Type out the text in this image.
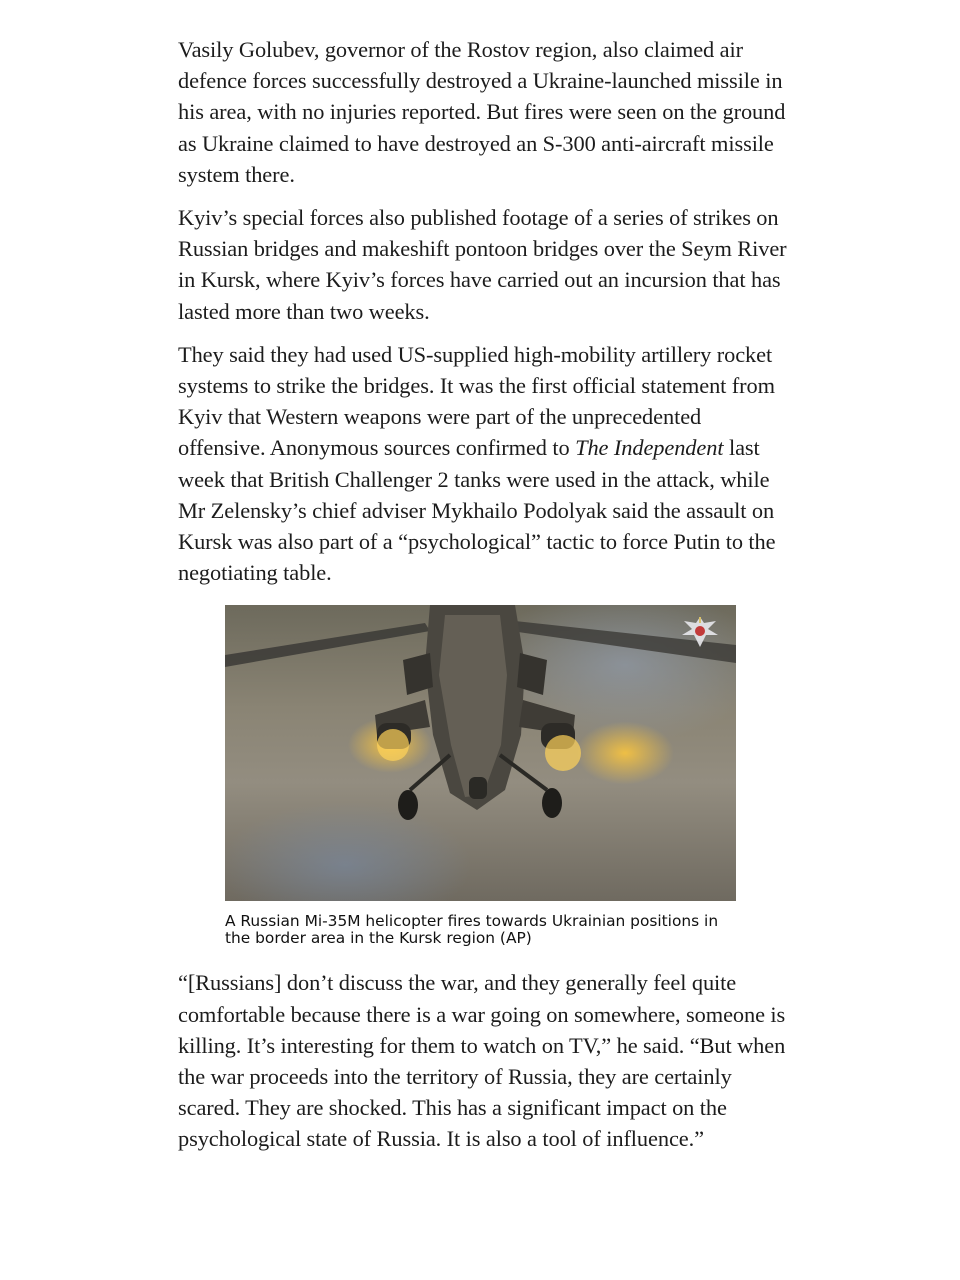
Vasily Golubev, governor of the Rostov region, also claimed air defence forces successfully destroyed a Ukraine-launched missile in his area, with no injuries reported. But fires were seen on the ground as Ukraine claimed to have destroyed an S-300 anti-aircraft missile system there.

Kyiv’s special forces also published footage of a series of strikes on Russian bridges and makeshift pontoon bridges over the Seym River in Kursk, where Kyiv’s forces have carried out an incursion that has lasted more than two weeks.

They said they had used US-supplied high-mobility artillery rocket systems to strike the bridges. It was the first official statement from Kyiv that Western weapons were part of the unprecedented offensive. Anonymous sources confirmed to The Independent last week that British Challenger 2 tanks were used in the attack, while Mr Zelensky’s chief adviser Mykhailo Podolyak said the assault on Kursk was also part of a “psychological” tactic to force Putin to the negotiating table.

A Russian Mi-35M helicopter fires towards Ukrainian positions in the border area in the Kursk region (AP)

“[Russians] don’t discuss the war, and they generally feel quite comfortable because there is a war going on somewhere, someone is killing. It’s interesting for them to watch on TV,” he said. “But when the war proceeds into the territory of Russia, they are certainly scared. They are shocked. This has a significant impact on the psychological state of Russia. It is also a tool of influence.”
